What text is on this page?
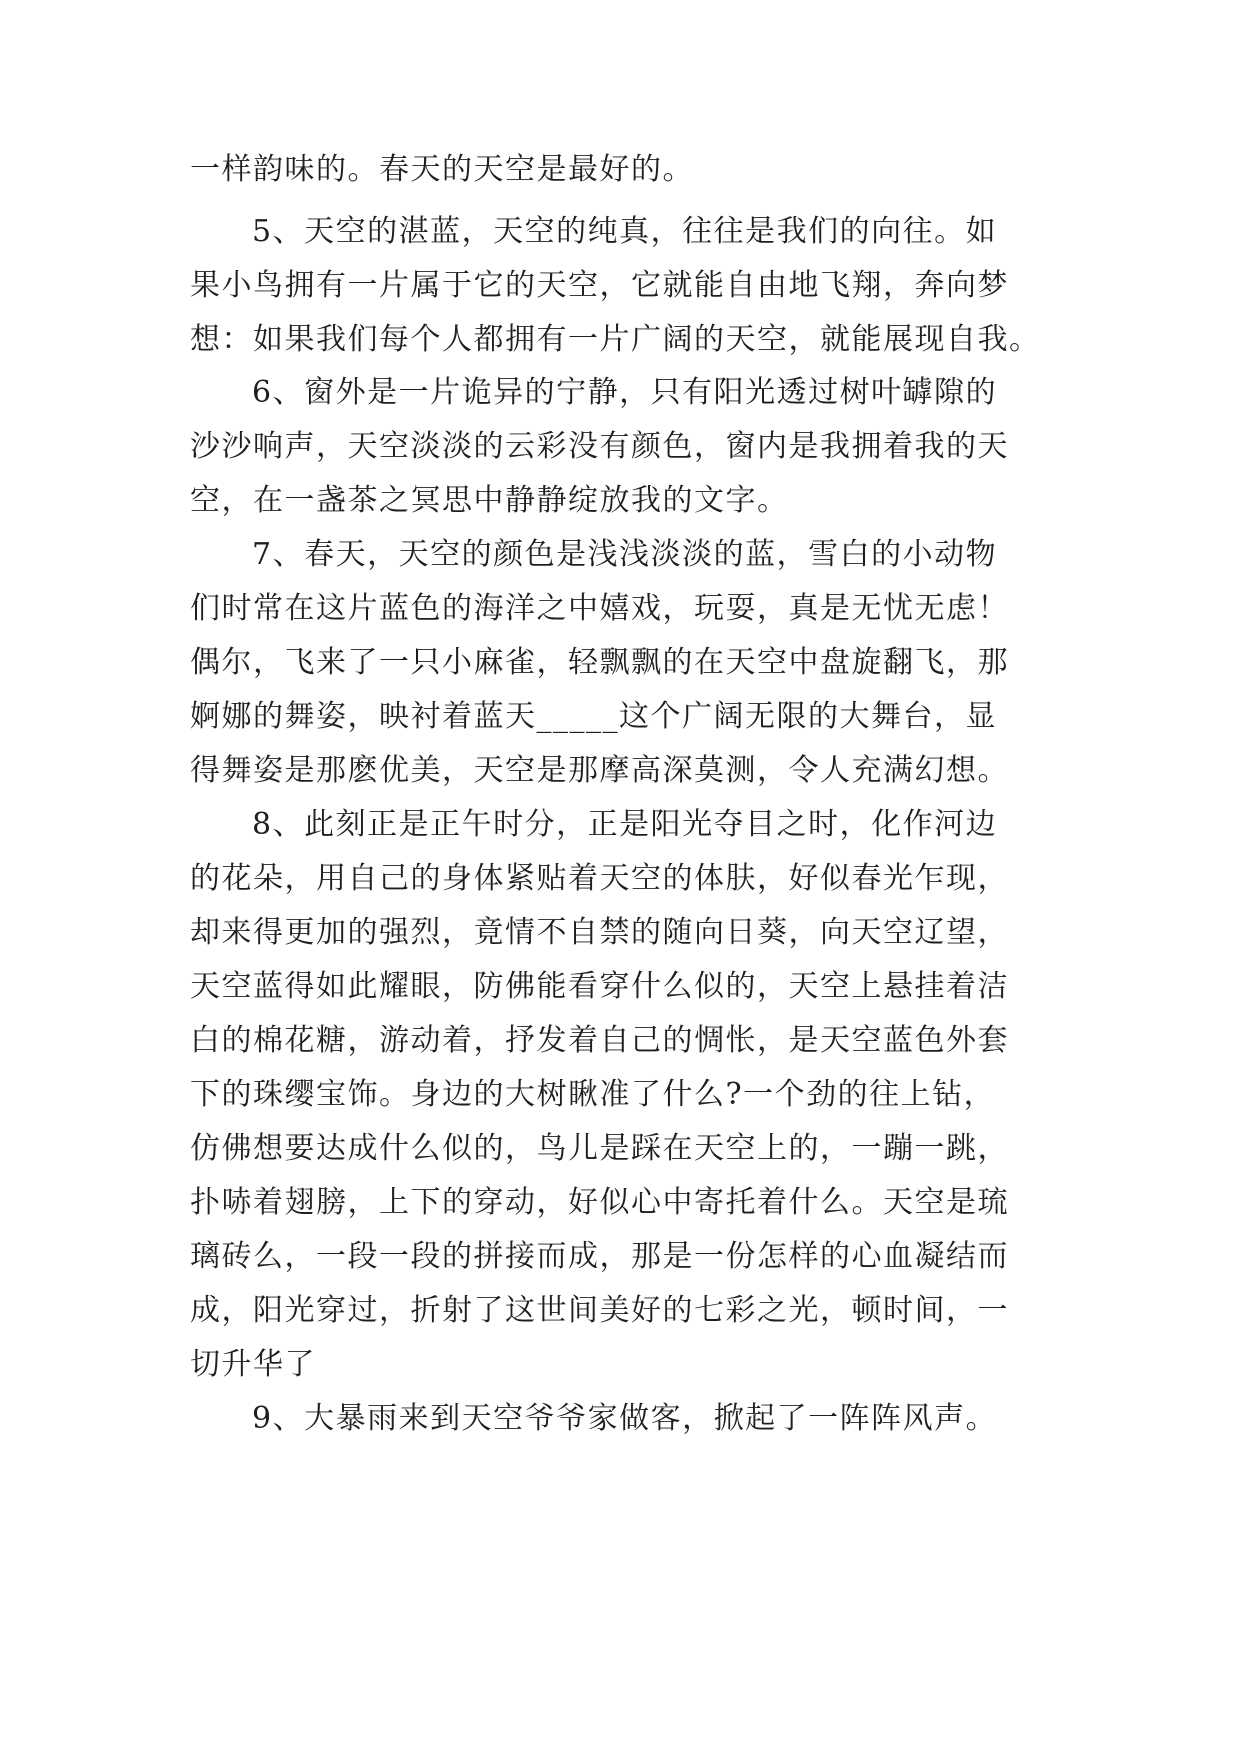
一样韵味的。春天的天空是最好的。
5、天空的湛蓝，天空的纯真，往往是我们的向往。如
果小鸟拥有一片属于它的天空，它就能自由地飞翔，奔向梦
想：如果我们每个人都拥有一片广阔的天空，就能展现自我。
6、窗外是一片诡异的宁静，只有阳光透过树叶罅隙的
沙沙响声，天空淡淡的云彩没有颜色，窗内是我拥着我的天
空，在一盏茶之冥思中静静绽放我的文字。
7、春天，天空的颜色是浅浅淡淡的蓝，雪白的小动物
们时常在这片蓝色的海洋之中嬉戏，玩耍，真是无忧无虑！
偶尔，飞来了一只小麻雀，轻飘飘的在天空中盘旋翻飞，那
婀娜的舞姿，映衬着蓝天_____这个广阔无限的大舞台，显
得舞姿是那麽优美，天空是那摩高深莫测，令人充满幻想。
8、此刻正是正午时分，正是阳光夺目之时，化作河边
的花朵，用自己的身体紧贴着天空的体肤，好似春光乍现，
却来得更加的强烈，竟情不自禁的随向日葵，向天空辽望，
天空蓝得如此耀眼，防佛能看穿什么似的，天空上悬挂着洁
白的棉花糖，游动着，抒发着自己的惆怅，是天空蓝色外套
下的珠缨宝饰。身边的大树瞅准了什么?一个劲的往上钻，
仿佛想要达成什么似的，鸟儿是踩在天空上的，一蹦一跳，
扑哧着翅膀，上下的穿动，好似心中寄托着什么。天空是琉
璃砖么，一段一段的拼接而成，那是一份怎样的心血凝结而
成，阳光穿过，折射了这世间美好的七彩之光，顿时间，一
切升华了
9、大暴雨来到天空爷爷家做客，掀起了一阵阵风声。
